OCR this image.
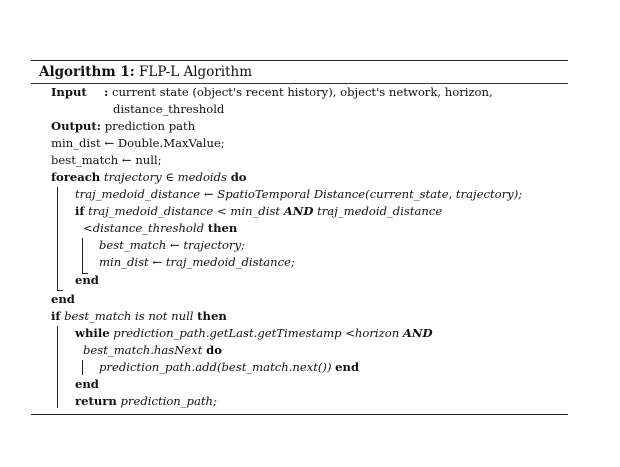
Algorithm 1: FLP-L Algorithm
Input : current state (object's recent history), object's network, horizon,
distance_threshold
Output: prediction path
min_dist ← Double.MaxValue;
best_match ← null;
foreach trajectory ∈ medoids do
traj_medoid_distance ← SpatioTemporal Distance(current_state, trajectory);
if traj_medoid_distance < min_dist AND traj_medoid_distance
<distance_threshold then
best_match ← trajectory;
min_dist ← traj_medoid_distance;
end
end
if best_match is not null then
while prediction_path.getLast.getTimestamp <horizon AND
best_match.hasNext do
prediction_path.add(best_match.next()) end
end
return prediction_path;
